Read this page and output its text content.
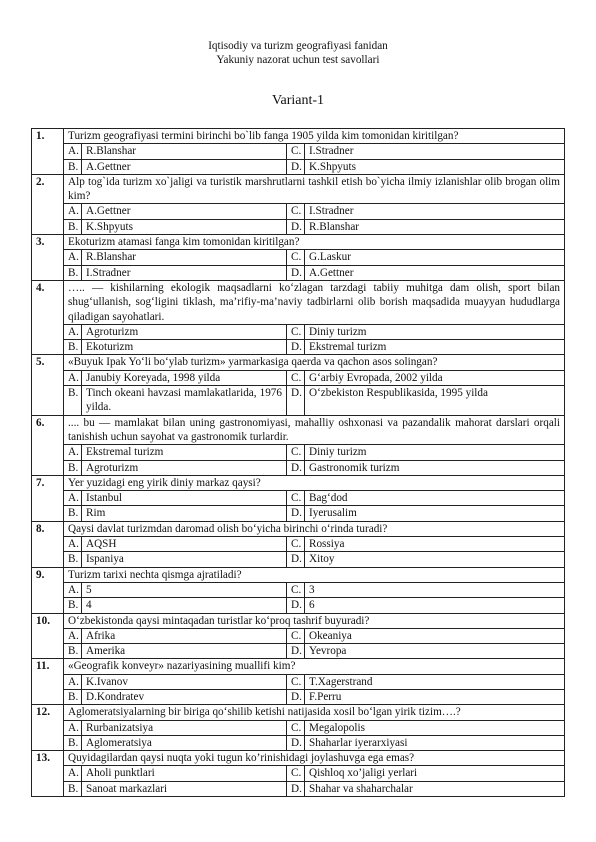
Iqtisodiy va turizm geografiyasi fanidan
Yakuniy nazorat uchun test savollari
Variant-1
1.	Turizm geografiyasi termini birinchi bo`lib fanga 1905 yilda kim tomonidan kiritilgan?			
	A.	R.Blanshar	C.	I.Stradner
	B.	A.Gettner	D.	K.Shpyuts
2.	Alp tog`ida turizm xo`jaligi va turistik marshrutlarni tashkil etish bo`yicha ilmiy izlanishlar olib brogan olim kim?			
	A.	A.Gettner	C.	I.Stradner
	B.	K.Shpyuts	D.	R.Blanshar
3.	Ekoturizm atamasi fanga kim tomonidan kiritilgan?			
	A.	R.Blanshar	C.	G.Laskur
	B.	I.Stradner	D.	A.Gettner
4.	….. — kishilarning ekologik maqsadlarni ko‘zlagan tarzdagi tabiiy muhitga dam olish, sport bilan shug‘ullanish, sog‘ligini tiklash, ma’rifiy-ma’naviy tadbirlarni olib borish maqsadida muayyan hududlarga qiladigan sayohatlari.			
	A.	Agroturizm	C.	Diniy turizm
	B.	Ekoturizm	D.	Ekstremal turizm
5.	«Buyuk Ipak Yo‘li bo‘ylab turizm» yarmarkasiga qaerda va qachon asos solingan?			
	A.	Janubiy Koreyada, 1998 yilda	C.	G‘arbiy Evropada, 2002 yilda
	B.	Tinch okeani havzasi mamlakatlarida, 1976 yilda.	D.	O‘zbekiston Respublikasida, 1995 yilda
6.	.... bu — mamlakat bilan uning gastronomiyasi, mahalliy oshxonasi va pazandalik mahorat darslari orqali tanishish uchun sayohat va gastronomik turlardir.			
	A.	Ekstremal turizm	C.	Diniy turizm
	B.	Agroturizm	D.	Gastronomik turizm
7.	Yer yuzidagi eng yirik diniy markaz qaysi?			
	A.	Istanbul	C.	Bag‘dod
	B.	Rim	D.	Iyerusalim
8.	Qaysi davlat turizmdan daromad olish bo‘yicha birinchi o‘rinda turadi?			
	A.	AQSH	C.	Rossiya
	B.	Ispaniya	D.	Xitoy
9.	Turizm tarixi nechta qismga ajratiladi?			
	A.	5	C.	3
	B.	4	D.	6
10.	O‘zbekistonda qaysi mintaqadan turistlar ko‘proq tashrif buyuradi?			
	A.	Afrika	C.	Okeaniya
	B.	Amerika	D.	Yevropa
11.	«Geografik konveyr» nazariyasining muallifi kim?			
	A.	K.Ivanov	C.	T.Xagerstrand
	B.	D.Kondratev	D.	F.Perru
12.	Aglomeratsiyalarning bir biriga qo‘shilib ketishi natijasida xosil bo‘lgan yirik tizim….?			
	A.	Rurbanizatsiya	C.	Megalopolis
	B.	Aglomeratsiya	D.	Shaharlar iyerarxiyasi
13.	Quyidagilardan qaysi nuqta yoki tugun ko’rinishidagi joylashuvga ega emas?			
	A.	Aholi punktlari	C.	Qishloq xo’jaligi yerlari
	B.	Sanoat markazlari	D.	Shahar va shaharchalar
